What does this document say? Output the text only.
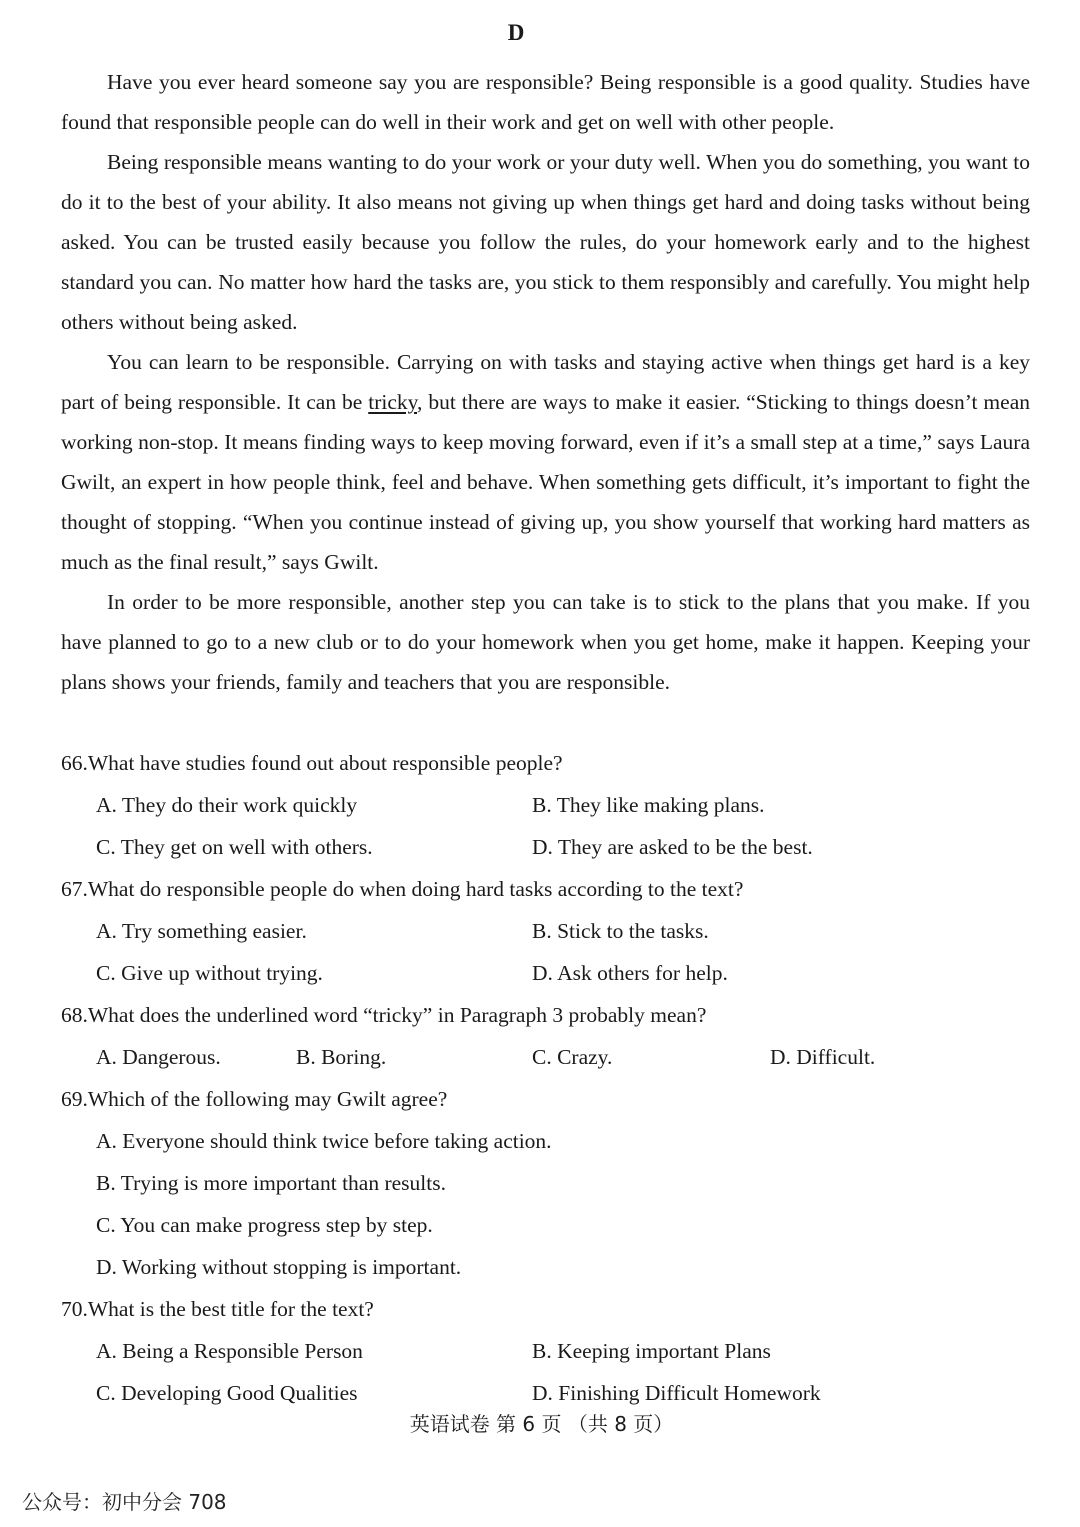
D

Have you ever heard someone say you are responsible? Being responsible is a good quality. Studies have found that responsible people can do well in their work and get on well with other people.

Being responsible means wanting to do your work or your duty well. When you do something, you want to do it to the best of your ability. It also means not giving up when things get hard and doing tasks without being asked. You can be trusted easily because you follow the rules, do your homework early and to the highest standard you can. No matter how hard the tasks are, you stick to them responsibly and carefully. You might help others without being asked.

You can learn to be responsible. Carrying on with tasks and staying active when things get hard is a key part of being responsible. It can be tricky, but there are ways to make it easier. “Sticking to things doesn’t mean working non-stop. It means finding ways to keep moving forward, even if it’s a small step at a time,” says Laura Gwilt, an expert in how people think, feel and behave. When something gets difficult, it’s important to fight the thought of stopping. “When you continue instead of giving up, you show yourself that working hard matters as much as the final result,” says Gwilt.

In order to be more responsible, another step you can take is to stick to the plans that you make. If you have planned to go to a new club or to do your homework when you get home, make it happen. Keeping your plans shows your friends, family and teachers that you are responsible.

66.What have studies found out about responsible people?
A. They do their work quickly	B. They like making plans.
C. They get on well with others.	D. They are asked to be the best.
67.What do responsible people do when doing hard tasks according to the text?
A. Try something easier.	B. Stick to the tasks.
C. Give up without trying.	D. Ask others for help.
68.What does the underlined word “tricky” in Paragraph 3 probably mean?
A. Dangerous.	B. Boring.	C. Crazy.	D. Difficult.
69.Which of the following may Gwilt agree?
A. Everyone should think twice before taking action.
B. Trying is more important than results.
C. You can make progress step by step.
D. Working without stopping is important.
70.What is the best title for the text?
A. Being a Responsible Person	B. Keeping important Plans
C. Developing Good Qualities	D. Finishing Difficult Homework
英语试卷 第 6 页 （共 8 页）
公众号：初中分会 708
